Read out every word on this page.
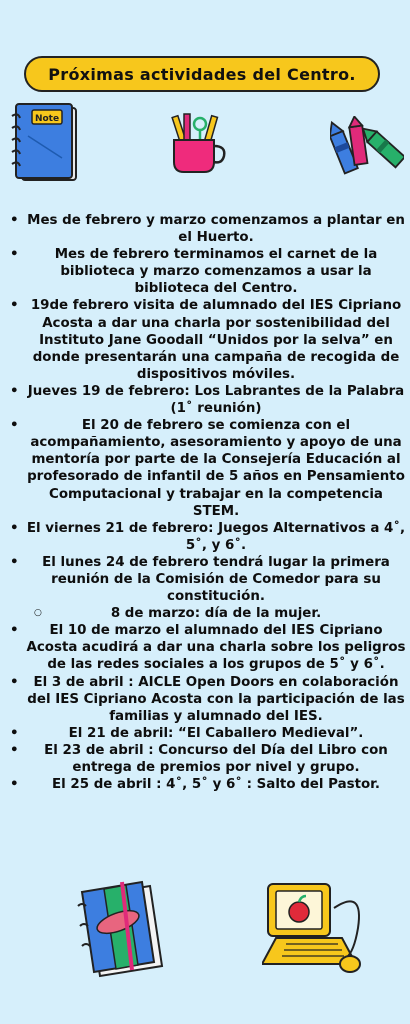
Próximas actividades del Centro.
Note
• Mes de febrero y marzo comenzamos a plantar en el Huerto.
• Mes de febrero terminamos el carnet de la biblioteca y marzo comenzamos a usar la biblioteca del Centro.
• 19de febrero visita de alumnado del IES Cipriano Acosta a dar una charla por sostenibilidad del Instituto Jane Goodall “Unidos por la selva” en donde presentarán una campaña de recogida de dispositivos móviles.
• Jueves 19 de febrero: Los Labrantes de la Palabra (1˚ reunión)
• El 20 de febrero se comienza con el acompañamiento, asesoramiento y apoyo de una mentoría por parte de la Consejería Educación al profesorado de infantil de 5 años en Pensamiento Computacional y trabajar en la competencia STEM.
• El viernes 21 de febrero: Juegos Alternativos a 4˚, 5˚, y 6˚.
• El lunes 24 de febrero tendrá lugar la primera reunión de la Comisión de Comedor para su constitución.
○ 8 de marzo: día de la mujer.
• El 10 de marzo el alumnado del IES Cipriano Acosta acudirá a dar una charla sobre los peligros de las redes sociales a los grupos de 5˚ y 6˚.
• El 3 de abril : AICLE Open Doors en colaboración del IES Cipriano Acosta con la participación de las familias y alumnado del IES.
• El 21 de abril: “El Caballero Medieval”.
• El 23 de abril : Concurso del Día del Libro con entrega de premios por nivel y grupo.
• El 25 de abril : 4˚, 5˚ y 6˚ : Salto del Pastor.
